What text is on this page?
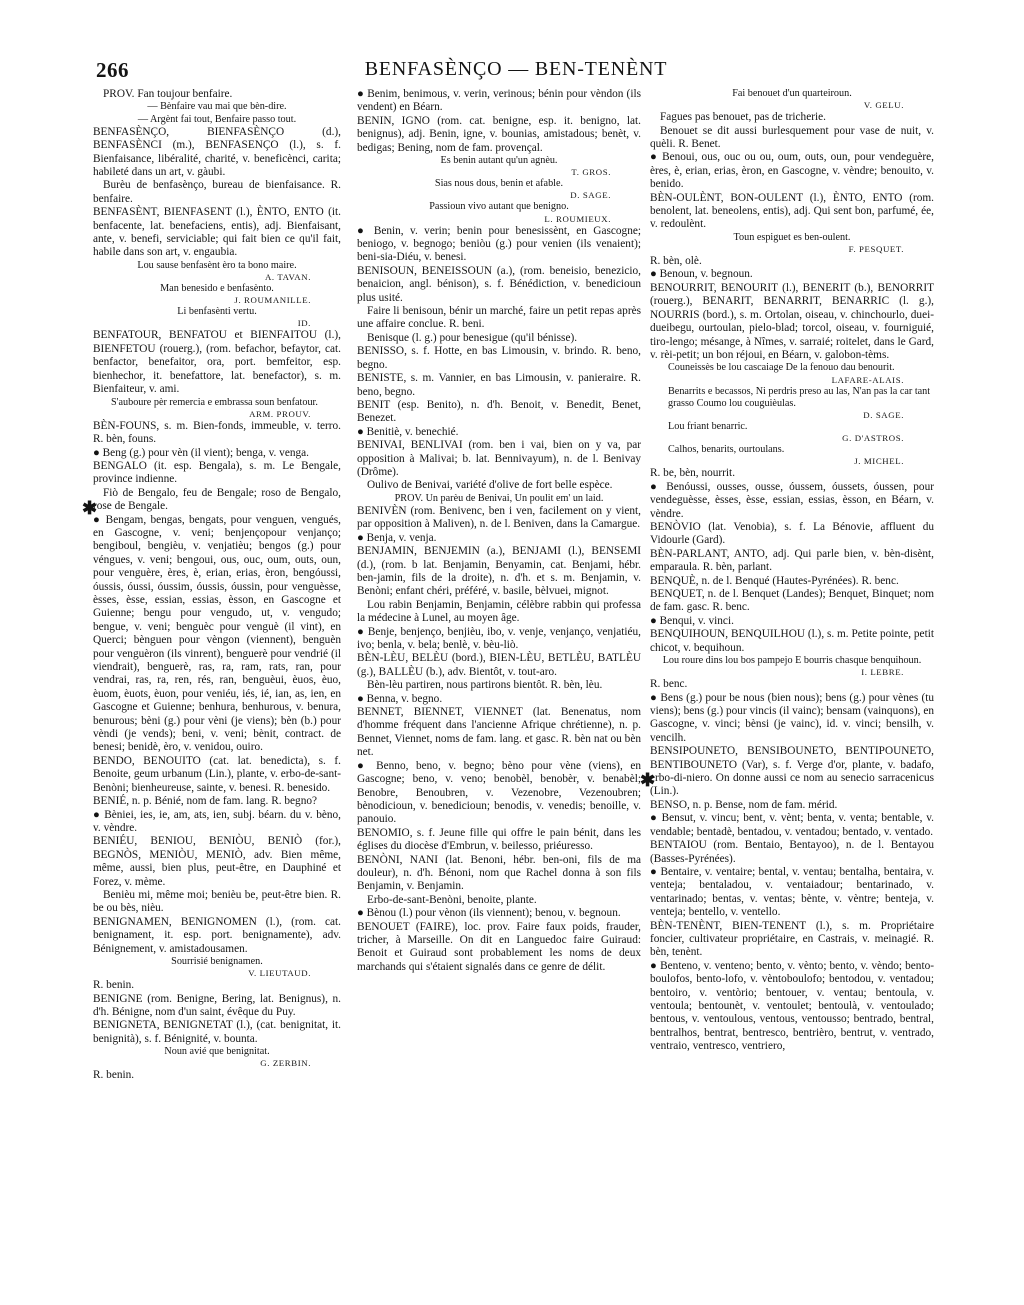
266	BENFASÈNÇO — BEN-TENÈNT

PROV. Fan toujour benfaire.

— Bènfaire vau mai que bèn-dire.

— Argènt fai tout, Benfaire passo tout.

BENFASÈNÇO, BIENFASÈNÇO (d.), BENFASÈNCI (m.), BENFASENÇO (l.), s. f. Bienfaisance, libéralité, charité, v. beneficènci, carita; habileté dans un art, v. gàubi.

Burèu de benfasènço, bureau de bienfaisance. R. benfaire.

BENFASÈNT, BIENFASENT (l.), ÈNTO, ENTO (it. benfacente, lat. benefaciens, entis), adj. Bienfaisant, ante, v. benefi, serviciable; qui fait bien ce qu'il fait, habile dans son art, v. engaubia.

Lou sause benfasènt èro ta bono maire.

A. TAVAN.

Man benesido e benfasènto.

J. ROUMANILLE.

Li benfasènti vertu.

ID.

BENFATOUR, BENFATOU et BIENFAITOU (l.), BIENFETOU (rouerg.), (rom. befachor, befaytor, cat. benfactor, benefaitor, ora, port. bemfeitor, esp. bienhechor, it. benefattore, lat. benefactor), s. m. Bienfaiteur, v. ami.

S'auboure pèr remercia e embrassa soun benfatour.

ARM. PROUV.

BÈN-FOUNS, s. m. Bien-fonds, immeuble, v. terro. R. bèn, founs.

● Beng (g.) pour vèn (il vient); benga, v. venga.

BENGALO (it. esp. Bengala), s. m. Le Bengale, province indienne.

Fiò de Bengalo, feu de Bengale; roso de Bengalo, rose de Bengale.

● Bengam, bengas, bengats, pour venguen, vengués, en Gascogne, v. veni; benjençopour venjanço; bengiboul, bengièu, v. venjatièu; bengos (g.) pour véngues, v. veni; bengoui, ous, ouc, oum, outs, oun, pour venguère, ères, è, erian, erias, èron, bengóussi, óussis, óussi, óussim, óussis, óussin, pour venguèsse, èsses, èsse, essian, essias, èsson, en Gascogne et Guienne; bengu pour vengudo, ut, v. vengudo; bengue, v. veni; benguèc pour venguè (il vint), en Querci; bènguen pour vèngon (viennent), benguèn pour venguèron (ils vinrent), benguerè pour vendrié (il viendrait), benguerè, ras, ra, ram, rats, ran, pour vendrai, ras, ra, ren, rés, ran, benguèui, èuos, èuo, èuom, èuots, èuon, pour veniéu, iés, ié, ian, as, ien, en Gascogne et Guienne; benhura, benhurous, v. benura, benurous; bèni (g.) pour vèni (je viens); bèn (b.) pour vèndi (je vends); beni, v. veni; bènit, contract. de benesi; benidè, èro, v. venidou, ouiro.

BENDO, BENOUITO (cat. lat. benedicta), s. f. Benoite, geum urbanum (Lin.), plante, v. erbo-de-sant-Benòni; bienheureuse, sainte, v. benesi. R. benesido.

BENIÉ, n. p. Bénié, nom de fam. lang. R. begno?

● Bèniei, ies, ie, am, ats, ien, subj. béarn. du v. bèno, v. vèndre.

BENIÉU, BENIOU, BENIÒU, BENIÒ (for.), BEGNÒS, MENIÒU, MENIÒ, adv. Bien même, même, aussi, bien plus, peut-être, en Dauphiné et Forez, v. mème.

Benièu mi, même moi; benièu be, peut-être bien. R. be ou bès, nièu.

BENIGNAMEN, BENIGNOMEN (l.), (rom. cat. benignament, it. esp. port. benignamente), adv. Bénignement, v. amistadousamen.

Sourrisié benignamen.

V. LIEUTAUD.

R. benin.

BENIGNE (rom. Benigne, Bering, lat. Benignus), n. d'h. Bénigne, nom d'un saint, évêque du Puy.

BENIGNETA, BENIGNETAT (l.), (cat. benignitat, it. benignità), s. f. Bénignité, v. bounta.

Noun avié que benignitat.

G. ZERBIN.

R. benin.

● Benim, benimous, v. verin, verinous; bénin pour vèndon (ils vendent) en Béarn.

BENIN, IGNO (rom. cat. benigne, esp. it. benigno, lat. benignus), adj. Benin, igne, v. bounias, amistadous; benèt, v. bedigas; Bening, nom de fam. provençal.

Es benin autant qu'un agnèu.

T. GROS.

Sias nous dous, benin et afable.

D. SAGE.

Passioun vivo autant que benigno.

L. ROUMIEUX.

● Benin, v. verin; benin pour benesissènt, en Gascogne; beniogo, v. begnogo; beniòu (g.) pour venien (ils venaient); beni-sia-Diéu, v. benesi.

BENISOUN, BENEISSOUN (a.), (rom. beneisio, benezicio, benaicion, angl. bénison), s. f. Bénédiction, v. benedicioun plus usité.

Faire li benisoun, bénir un marché, faire un petit repas après une affaire conclue. R. beni.

Benisque (l. g.) pour benesigue (qu'il bénisse).

BENISSO, s. f. Hotte, en bas Limousin, v. brindo. R. beno, begno.

BENISTE, s. m. Vannier, en bas Limousin, v. panieraire. R. beno, begno.

BENIT (esp. Benito), n. d'h. Benoit, v. Benedit, Benet, Benezet.

● Benitiè, v. benechié.

BENIVAI, BENLIVAI (rom. ben i vai, bien on y va, par opposition à Malivai; b. lat. Bennivayum), n. de l. Benivay (Drôme).

Oulivo de Benivai, variété d'olive de fort belle espèce.

PROV. Un parèu de Benivai, Un poulit em' un laid.

BENIVÈN (rom. Benivenc, ben i ven, facilement on y vient, par opposition à Maliven), n. de l. Beniven, dans la Camargue.

● Benja, v. venja.

BENJAMIN, BENJEMIN (a.), BENJAMI (l.), BENSEMI (d.), (rom. b lat. Benjamin, Benyamin, cat. Benjami, hébr. ben-jamin, fils de la droite), n. d'h. et s. m. Benjamin, v. Benòni; enfant chéri, préféré, v. basile, bèlvuei, mignot.

Lou rabin Benjamin, Benjamin, célèbre rabbin qui professa la médecine à Lunel, au moyen âge.

● Benje, benjenço, benjièu, ibo, v. venje, venjanço, venjatiéu, ivo; benla, v. bela; benlè, v. bèu-liò.

BÈN-LÈU, BELÈU (bord.), BIEN-LÈU, BETLÈU, BATLÈU (g.), BALLÈU (b.), adv. Bientôt, v. tout-aro.

Bèn-lèu partiren, nous partirons bientôt. R. bèn, lèu.

● Benna, v. begno.

BENNET, BIENNET, VIENNET (lat. Benenatus, nom d'homme fréquent dans l'ancienne Afrique chrétienne), n. p. Bennet, Viennet, noms de fam. lang. et gasc. R. bèn nat ou bèn net.

● Benno, beno, v. begno; bèno pour vène (viens), en Gascogne; beno, v. veno; benobèl, benobèr, v. benabèl; Benobre, Benoubren, v. Vezenobre, Vezenoubren; bènodicioun, v. benedicioun; benodis, v. venedis; benoille, v. panouio.

BENOMIO, s. f. Jeune fille qui offre le pain bénit, dans les églises du diocèse d'Embrun, v. beilesso, priéuresso.

BENÒNI, NANI (lat. Benoni, hébr. ben-oni, fils de ma douleur), n. d'h. Bénoni, nom que Rachel donna à son fils Benjamin, v. Benjamin.

Erbo-de-sant-Benòni, benoite, plante.

● Bènou (l.) pour vènon (ils viennent); benou, v. begnoun.

BENOUET (FAIRE), loc. prov. Faire faux poids, frauder, tricher, à Marseille. On dit en Languedoc faire Guiraud: Benoit et Guiraud sont probablement les noms de deux marchands qui s'étaient signalés dans ce genre de délit.

Fai benouet d'un quarteiroun.

V. GELU.

Fagues pas benouet, pas de tricherie.

Benouet se dit aussi burlesquement pour vase de nuit, v. quèli. R. Benet.

● Benoui, ous, ouc ou ou, oum, outs, oun, pour vendeguère, ères, è, erian, erias, èron, en Gascogne, v. vèndre; benouito, v. benido.

BÈN-OULÈNT, BON-OULENT (l.), ÈNTO, ENTO (rom. benolent, lat. beneolens, entis), adj. Qui sent bon, parfumé, ée, v. redoulènt.

Toun espiguet es ben-oulent.

F. PESQUET.

R. bèn, olè.

● Benoun, v. begnoun.

BENOURRIT, BENOURIT (l.), BENERIT (b.), BENORRIT (rouerg.), BENARIT, BENARRIT, BENARRIC (l. g.), NOURRIS (bord.), s. m. Ortolan, oiseau, v. chinchourlo, duei-dueibegu, ourtoulan, pielo-blad; torcol, oiseau, v. fourniguié, tiro-lengo; mésange, à Nîmes, v. sarraié; roitelet, dans le Gard, v. rèi-petit; un bon réjoui, en Béarn, v. galobon-tèms.

Couneissès be lou cascaiage De la fenouo dau benourit.

LAFARE-ALAIS.

Benarrits e becassos, Ni perdris preso au las, N'an pas la car tant grasso Coumo lou couguièulas.

D. SAGE.

Lou friant benarric.

G. D'ASTROS.

Calhos, benarits, ourtoulans.

J. MICHEL.

R. be, bèn, nourrit.

● Benóussi, ousses, ousse, óussem, óussets, óussen, pour vendeguèsse, èsses, èsse, essian, essias, èsson, en Béarn, v. vèndre.

BENÒVIO (lat. Venobia), s. f. La Bénovie, affluent du Vidourle (Gard).

BÈN-PARLANT, ANTO, adj. Qui parle bien, v. bèn-disènt, emparaula. R. bèn, parlant.

BENQUÈ, n. de l. Benqué (Hautes-Pyrénées). R. benc.

BENQUET, n. de l. Benquet (Landes); Benquet, Binquet; nom de fam. gasc. R. benc.

● Benqui, v. vinci.

BENQUIHOUN, BENQUILHOU (l.), s. m. Petite pointe, petit chicot, v. bequihoun.

Lou roure dins lou bos pampejo E bourris chasque benquihoun.

I. LEBRE.

R. benc.

● Bens (g.) pour be nous (bien nous); bens (g.) pour vènes (tu viens); bens (g.) pour vincis (il vainc); bensam (vainquons), en Gascogne, v. vinci; bènsi (je vainc), id. v. vinci; bensilh, v. vencilh.

BENSIPOUNETO, BENSIBOUNETO, BENTIPOUNETO, BENTIBOUNETO (Var), s. f. Verge d'or, plante, v. badafo, erbo-di-niero. On donne aussi ce nom au senecio sarracenicus (Lin.).

BENSO, n. p. Bense, nom de fam. mérid.

● Bensut, v. vincu; bent, v. vènt; benta, v. venta; bentable, v. vendable; bentadè, bentadou, v. ventadou; bentado, v. ventado.

BENTAIOU (rom. Bentaio, Bentayoo), n. de l. Bentayou (Basses-Pyrénées).

● Bentaire, v. ventaire; bental, v. ventau; bentalha, bentaira, v. venteja; bentaladou, v. ventaiadour; bentarinado, v. ventarinado; bentas, v. ventas; bènte, v. vèntre; benteja, v. venteja; bentello, v. ventello.

BÈN-TENÈNT, BIEN-TENENT (l.), s. m. Propriétaire foncier, cultivateur propriétaire, en Castrais, v. meinagié. R. bèn, tenènt.

● Benteno, v. venteno; bento, v. vènto; bento, v. vèndo; bento-boulofos, bento-lofo, v. vèntoboulofo; bentodou, v. ventadou; bentoiro, v. ventòrio; bentouer, v. ventau; bentoula, v. ventoula; bentounèt, v. ventoulet; bentoulà, v. ventoulado; bentous, v. ventoulous, ventous, ventousso; bentrado, bentral, bentralhos, bentrat, bentresco, bentrièro, bentrut, v. ventrado, ventraio, ventresco, ventriero,

✱
✱
